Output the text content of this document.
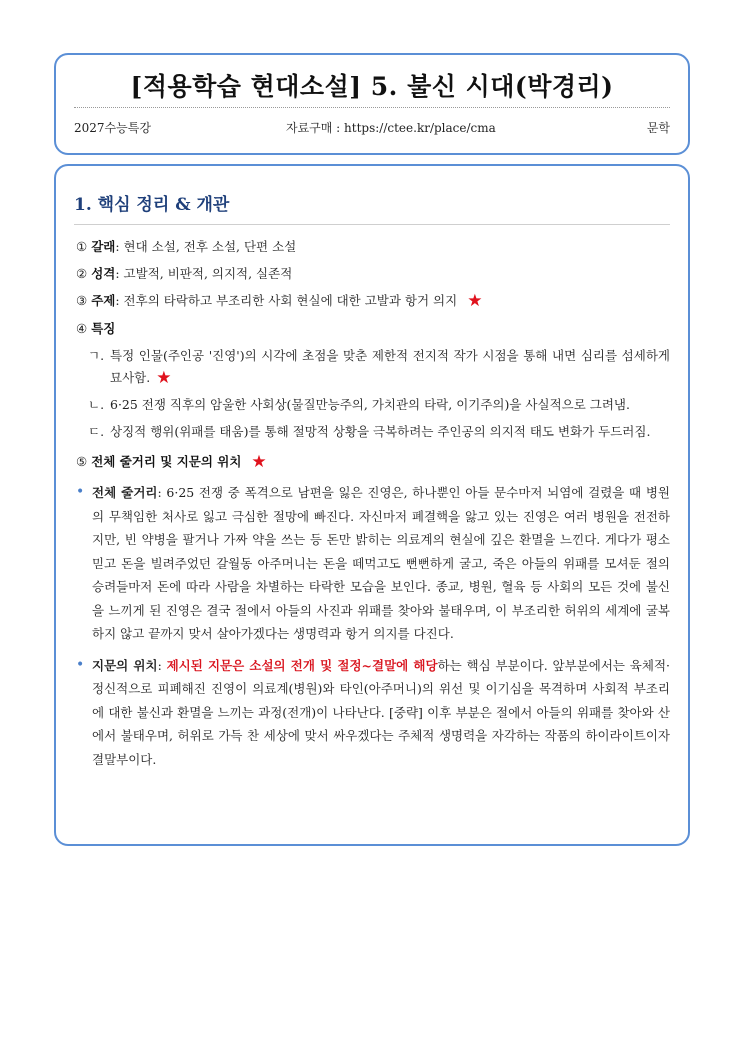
[적용학습 현대소설] 5. 불신 시대(박경리)
2027수능특강	자료구매 : https://ctee.kr/place/cma	문학
1. 핵심 정리 & 개관
① 갈래: 현대 소설, 전후 소설, 단편 소설
② 성격: 고발적, 비판적, 의지적, 실존적
③ 주제: 전후의 타락하고 부조리한 사회 현실에 대한 고발과 항거 의지 ★
④ 특징
ㄱ. 특정 인물(주인공 '진영')의 시각에 초점을 맞춘 제한적 전지적 작가 시점을 통해 내면 심리를 섬세하게 묘사함. ★
ㄴ. 6·25 전쟁 직후의 암울한 사회상(물질만능주의, 가치관의 타락, 이기주의)을 사실적으로 그려냄.
ㄷ. 상징적 행위(위패를 태움)를 통해 절망적 상황을 극복하려는 주인공의 의지적 태도 변화가 두드러짐.
⑤ 전체 줄거리 및 지문의 위치 ★
• 전체 줄거리: 6·25 전쟁 중 폭격으로 남편을 잃은 진영은, 하나뿐인 아들 문수마저 뇌염에 걸렸을 때 병원의 무책임한 처사로 잃고 극심한 절망에 빠진다. 자신마저 폐결핵을 앓고 있는 진영은 여러 병원을 전전하지만, 빈 약병을 팔거나 가짜 약을 쓰는 등 돈만 밝히는 의료계의 현실에 깊은 환멸을 느낀다. 게다가 평소 믿고 돈을 빌려주었던 갈월동 아주머니는 돈을 떼먹고도 뻔뻔하게 굴고, 죽은 아들의 위패를 모셔둔 절의 승려들마저 돈에 따라 사람을 차별하는 타락한 모습을 보인다. 종교, 병원, 혈육 등 사회의 모든 것에 불신을 느끼게 된 진영은 결국 절에서 아들의 사진과 위패를 찾아와 불태우며, 이 부조리한 허위의 세계에 굴복하지 않고 끝까지 맞서 살아가겠다는 생명력과 항거 의지를 다진다.
• 지문의 위치: 제시된 지문은 소설의 전개 및 절정~결말에 해당하는 핵심 부분이다. 앞부분에서는 육체적·정신적으로 피폐해진 진영이 의료계(병원)와 타인(아주머니)의 위선 및 이기심을 목격하며 사회적 부조리에 대한 불신과 환멸을 느끼는 과정(전개)이 나타난다. [중략] 이후 부분은 절에서 아들의 위패를 찾아와 산에서 불태우며, 허위로 가득 찬 세상에 맞서 싸우겠다는 주체적 생명력을 자각하는 작품의 하이라이트이자 결말부이다.
